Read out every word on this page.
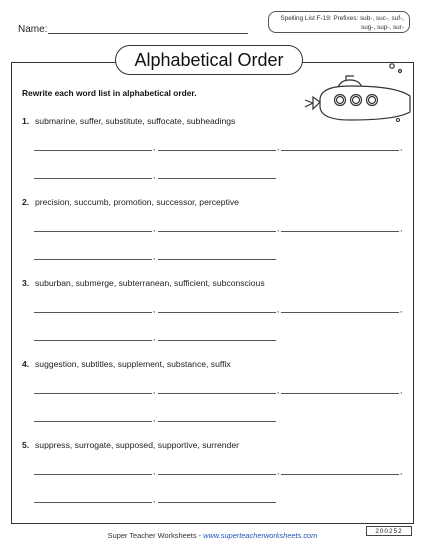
Name:
Spelling List F-19: Prefixes: sub-, suc-, suf-,
sug-, sup-, sur-
Alphabetical Order
Rewrite each word list in alphabetical order.
1. submarine, suffer, substitute, suffocate, subheadings
,	,	,
,
2. precision, succumb, promotion, successor, perceptive
,	,	,
,
3. suburban, submerge, subterranean, sufficient, subconscious
,	,	,
,
4. suggestion, subtitles, supplement, substance, suffix
,	,	,
,
5. suppress, surrogate, supposed, supportive, surrender
,	,	,
,
Super Teacher Worksheets - www.superteacherworksheets.com	200252
